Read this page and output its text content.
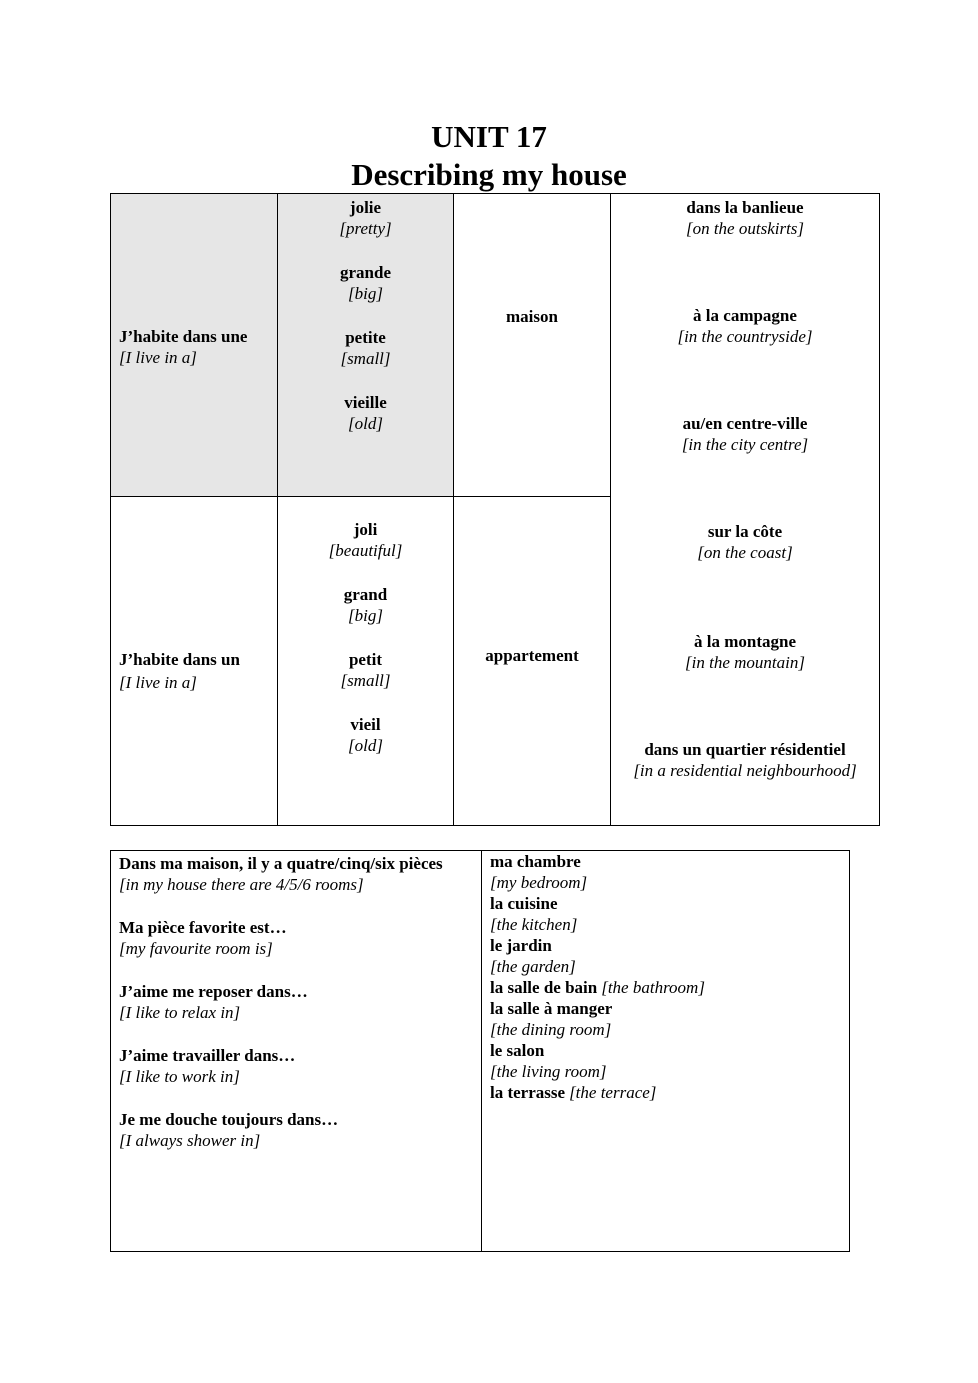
UNIT 17
Describing my house
J’habite dans une
[I live in a]
jolie
[pretty]
grande
[big]
petite
[small]
vieille
[old]
maison
dans la banlieue
[on the outskirts]
à la campagne
[in the countryside]
au/en centre-ville
[in the city centre]
sur la côte
[on the coast]
à la montagne
[in the mountain]
dans un quartier résidentiel
[in a residential neighbourhood]
J’habite dans un
[I live in a]
joli
[beautiful]
grand
[big]
petit
[small]
vieil
[old]
appartement
Dans ma maison, il y a quatre/cinq/six pièces
[in my house there are 4/5/6 rooms]
Ma pièce favorite est…
[my favourite room is]
J’aime me reposer dans…
[I like to relax in]
J’aime travailler dans…
[I like to work in]
Je me douche toujours dans…
[I always shower in]
ma chambre
[my bedroom]
la cuisine
[the kitchen]
le jardin
[the garden]
la salle de bain [the bathroom]
la salle à manger
[the dining room]
le salon
[the living room]
la terrasse [the terrace]
